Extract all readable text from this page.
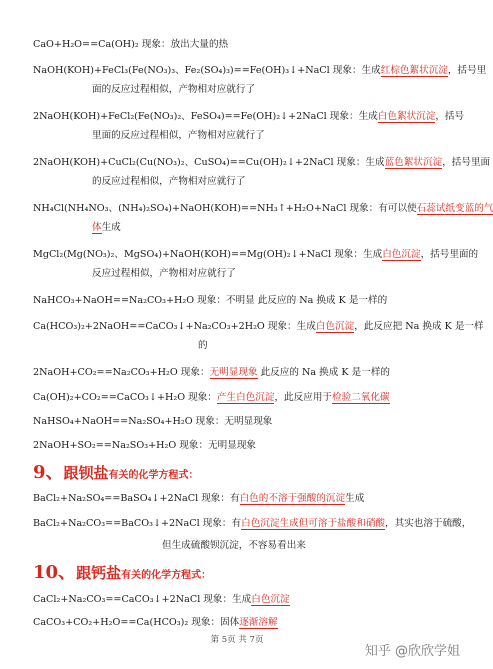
CaO+H₂O==Ca(OH)₂ 现象：放出大量的热
NaOH(KOH)+FeCl₃(Fe(NO₃)₃、Fe₂(SO₄)₃)==Fe(OH)₃↓+NaCl 现象：生成红棕色絮状沉淀，括号里
面的反应过程相似，产物相对应就行了
2NaOH(KOH)+FeCl₂(Fe(NO₃)₂、FeSO₄)==Fe(OH)₂↓+2NaCl 现象：生成白色絮状沉淀，括号
里面的反应过程相似，产物相对应就行了
2NaOH(KOH)+CuCl₂(Cu(NO₃)₂、CuSO₄)==Cu(OH)₂↓+2NaCl 现象：生成蓝色絮状沉淀，括号里面
的反应过程相似，产物相对应就行了
NH₄Cl(NH₄NO₃、(NH₄)₂SO₄)+NaOH(KOH)==NH₃↑+H₂O+NaCl 现象：有可以使石蕊试纸变蓝的气
体生成
MgCl₂(Mg(NO₃)₂、MgSO₄)+NaOH(KOH)==Mg(OH)₂↓+NaCl 现象：生成白色沉淀，括号里面的
反应过程相似，产物相对应就行了
NaHCO₃+NaOH==Na₂CO₃+H₂O 现象：不明显 此反应的 Na 换成 K 是一样的
Ca(HCO₃)₂+2NaOH==CaCO₃↓+Na₂CO₃+2H₂O 现象：生成白色沉淀，此反应把 Na 换成 K 是一样
的
2NaOH+CO₂==Na₂CO₃+H₂O 现象：无明显现象 此反应的 Na 换成 K 是一样的
Ca(OH)₂+CO₂==CaCO₃↓+H₂O 现象：产生白色沉淀，此反应用于检验二氧化碳
NaHSO₄+NaOH==Na₂SO₄+H₂O 现象：无明显现象
2NaOH+SO₂==Na₂SO₃+H₂O 现象：无明显现象
9、跟钡盐有关的化学方程式：
BaCl₂+Na₂SO₄==BaSO₄↓+2NaCl 现象：有白色的不溶于强酸的沉淀生成
BaCl₂+Na₂CO₃==BaCO₃↓+2NaCl 现象：有白色沉淀生成但可溶于盐酸和硝酸，其实也溶于硫酸，
但生成硫酸钡沉淀，不容易看出来
10、跟钙盐有关的化学方程式：
CaCl₂+Na₂CO₃==CaCO₃↓+2NaCl 现象：生成白色沉淀
CaCO₃+CO₂+H₂O==Ca(HCO₃)₂ 现象：固体逐渐溶解
第 5页 共 7页
知乎 @欣欣学姐
